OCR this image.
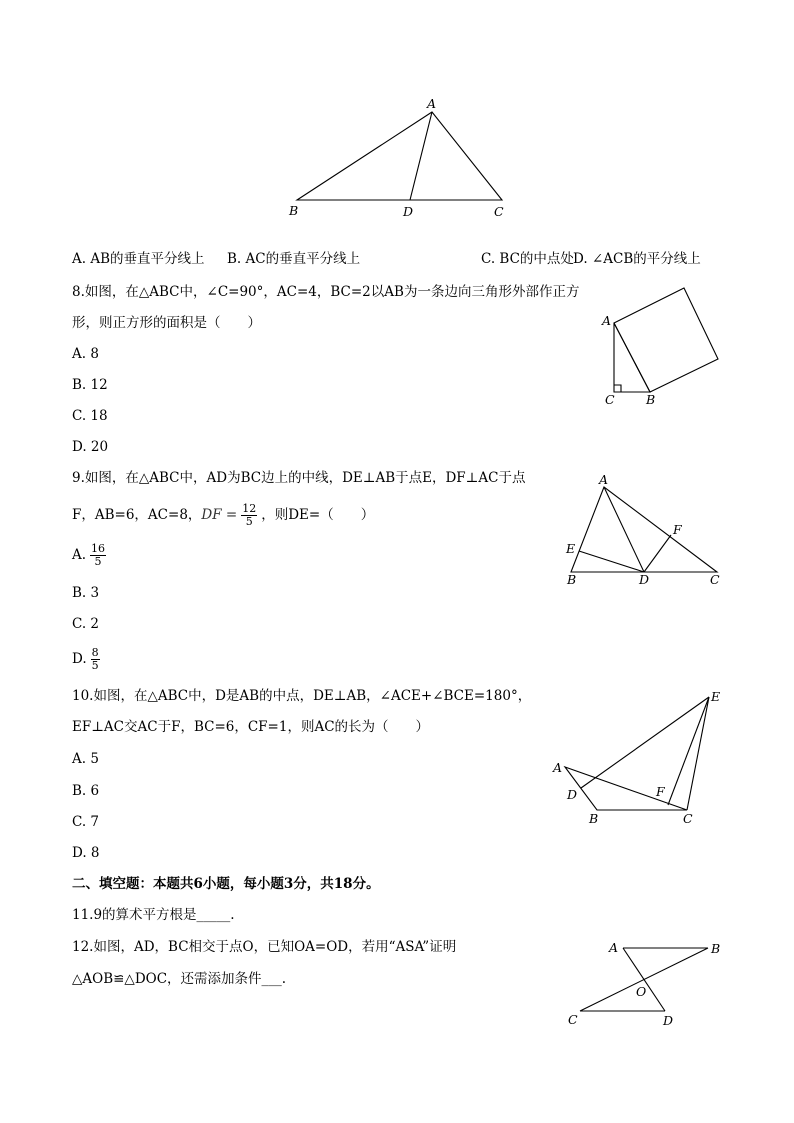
A
B	D	C
A. AB的垂直平分线上 B. AC的垂直平分线上	C. BC的中点处 D. ∠ACB的平分线上
8.如图，在△ABC中，∠C=90°，AC=4，BC=2以AB为一条边向三角形外部作正方
形，则正方形的面积是（　　）
A. 8
B. 12
C. 18
D. 20
A
C	B
9.如图，在△ABC中，AD为BC边上的中线，DE⊥AB于点E，DF⊥AC于点
F，AB=6，AC=8，DF = $\frac{12}{5}$ ，则DE=（　　）
A. $\frac{16}{5}$
B. 3
C. 2
D. $\frac{8}{5}$
A
E
F
B	D	C
10.如图，在△ABC中，D是AB的中点，DE⊥AB，∠ACE+∠BCE=180°，
EF⊥AC交AC于F，BC=6，CF=1，则AC的长为（　　）
A. 5
B. 6
C. 7
D. 8
E
A
D	F
B	C
二、填空题：本题共6小题，每小题3分，共18分。
11.9的算术平方根是_____.
12.如图，AD，BC相交于点O，已知OA=OD，若用“ASA”证明
△AOB≌△DOC，还需添加条件___.
A	B
O
C	D
